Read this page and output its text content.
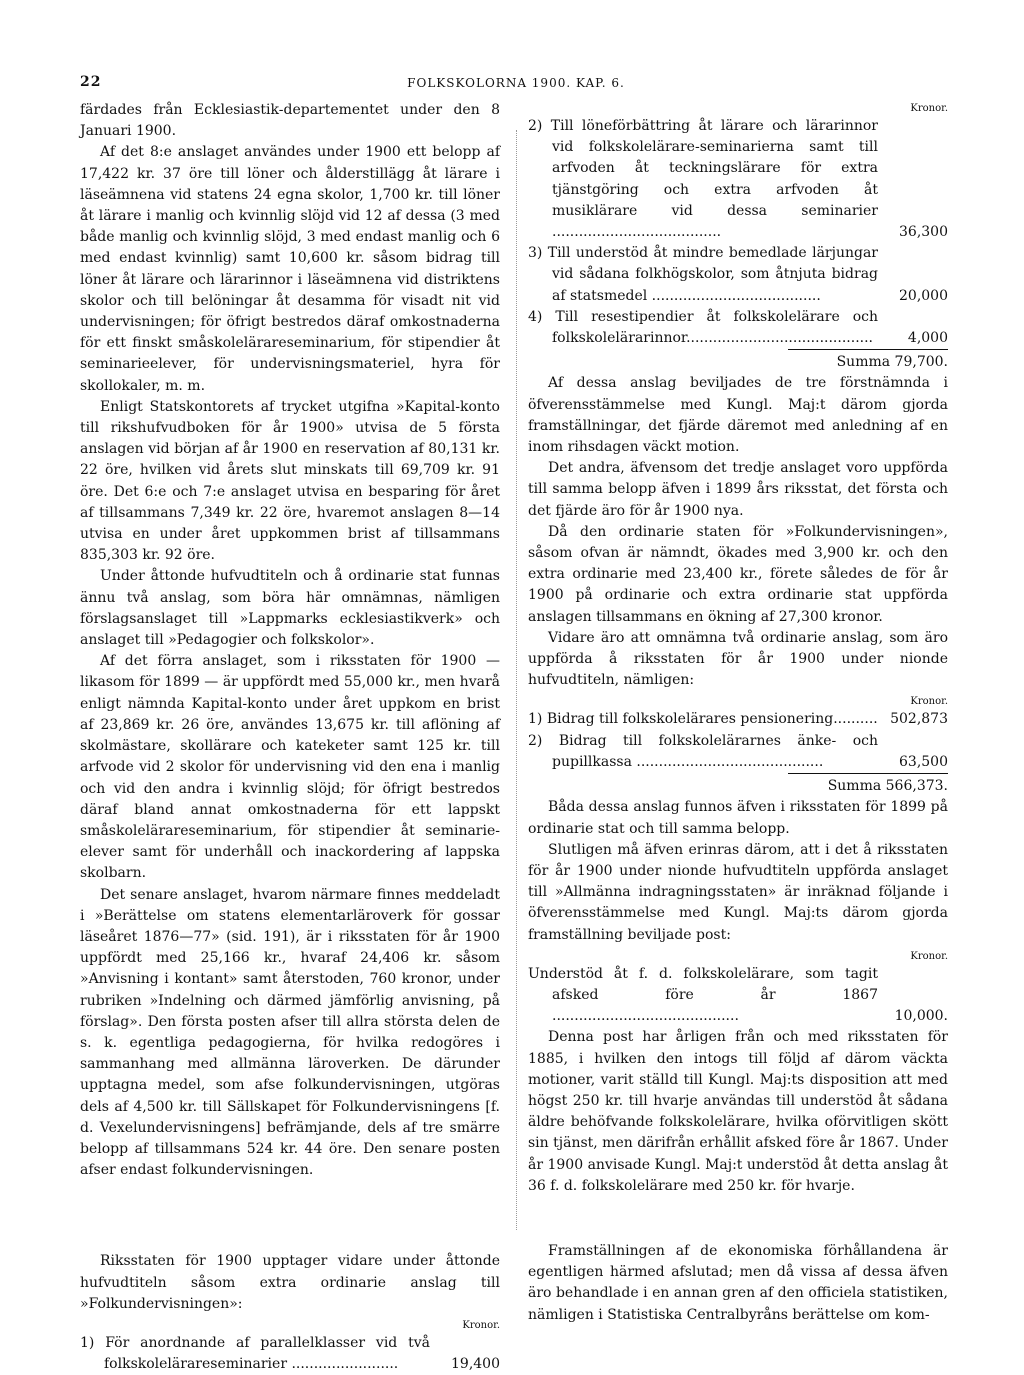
22	FOLKSKOLORNA 1900. KAP. 6.

färdades från Ecklesiastik-departementet under den 8 Januari 1900.

Af det 8:e anslaget användes under 1900 ett belopp af 17,422 kr. 37 öre till löner och ålderstillägg åt lärare i läseämnena vid statens 24 egna skolor, 1,700 kr. till löner åt lärare i manlig och kvinnlig slöjd vid 12 af dessa (3 med både manlig och kvinnlig slöjd, 3 med endast manlig och 6 med endast kvinnlig) samt 10,600 kr. såsom bidrag till löner åt lärare och lärarinnor i läseämnena vid distriktens skolor och till belöningar åt desamma för visadt nit vid undervisningen; för öfrigt bestredos däraf omkostnaderna för ett finskt småskolelärareseminarium, för stipendier åt seminarieelever, för undervisningsmateriel, hyra för skollokaler, m. m.

Enligt Statskontorets af trycket utgifna »Kapital-konto till rikshufvudboken för år 1900» utvisa de 5 första anslagen vid början af år 1900 en reservation af 80,131 kr. 22 öre, hvilken vid årets slut minskats till 69,709 kr. 91 öre. Det 6:e och 7:e anslaget utvisa en besparing för året af tillsammans 7,349 kr. 22 öre, hvaremot anslagen 8—14 utvisa en under året uppkommen brist af tillsammans 835,303 kr. 92 öre.

Under åttonde hufvudtiteln och å ordinarie stat funnas ännu två anslag, som böra här omnämnas, nämligen förslagsanslaget till »Lappmarks ecklesiastikverk» och anslaget till »Pedagogier och folkskolor».

Af det förra anslaget, som i riksstaten för 1900 — likasom för 1899 — är uppfördt med 55,000 kr., men hvarå enligt nämnda Kapital-konto under året uppkom en brist af 23,869 kr. 26 öre, användes 13,675 kr. till aflöning af skolmästare, skollärare och kateketer samt 125 kr. till arfvode vid 2 skolor för undervisning vid den ena i manlig och vid den andra i kvinnlig slöjd; för öfrigt bestredos däraf bland annat omkostnaderna för ett lappskt småskolelärareseminarium, för stipendier åt seminarie-elever samt för underhåll och inackordering af lappska skolbarn.

Det senare anslaget, hvarom närmare finnes meddeladt i »Berättelse om statens elementarläroverk för gossar läseåret 1876—77» (sid. 191), är i riksstaten för år 1900 uppfördt med 25,166 kr., hvaraf 24,406 kr. såsom »Anvisning i kontant» samt återstoden, 760 kronor, under rubriken »Indelning och därmed jämförlig anvisning, på förslag». Den första posten afser till allra största delen de s. k. egentliga pedagogierna, för hvilka redogöres i sammanhang med allmänna läroverken. De därunder upptagna medel, som afse folkundervisningen, utgöras dels af 4,500 kr. till Sällskapet för Folkundervisningens [f. d. Vexelundervisningens] befrämjande, dels af tre smärre belopp af tillsammans 524 kr. 44 öre. Den senare posten afser endast folkundervisningen.

Riksstaten för 1900 upptager vidare under åttonde hufvudtiteln såsom extra ordinarie anslag till »Folkundervisningen»:

Kronor.
1) För anordnande af parallelklasser vid två folkskolelärareseminarier ........................	19,400
Kronor.
2) Till löneförbättring åt lärare och lärarinnor vid folkskolelärare-seminarierna samt till arfvoden åt teckningslärare för extra tjänstgöring och extra arfvoden åt musiklärare vid dessa seminarier ......................................	36,300
3) Till understöd åt mindre bemedlade lärjungar vid sådana folkhögskolor, som åtnjuta bidrag af statsmedel ......................................	20,000
4) Till resestipendier åt folkskolelärare och folkskolelärarinnor..........................................	4,000
Summa 79,700.

Af dessa anslag beviljades de tre förstnämnda i öfverensstämmelse med Kungl. Maj:t därom gjorda framställningar, det fjärde däremot med anledning af en inom rihsdagen väckt motion.

Det andra, äfvensom det tredje anslaget voro uppförda till samma belopp äfven i 1899 års riksstat, det första och det fjärde äro för år 1900 nya.

Då den ordinarie staten för »Folkundervisningen», såsom ofvan är nämndt, ökades med 3,900 kr. och den extra ordinarie med 23,400 kr., förete således de för år 1900 på ordinarie och extra ordinarie stat uppförda anslagen tillsammans en ökning af 27,300 kronor.

Vidare äro att omnämna två ordinarie anslag, som äro uppförda å riksstaten för år 1900 under nionde hufvudtiteln, nämligen:

Kronor.
1) Bidrag till folkskolelärares pensionering.......... 502,873
2) Bidrag till folkskolelärarnes änke- och pupillkassa ..........................................	63,500
Summa 566,373.

Båda dessa anslag funnos äfven i riksstaten för 1899 på ordinarie stat och till samma belopp.

Slutligen må äfven erinras därom, att i det å riksstaten för år 1900 under nionde hufvudtiteln uppförda anslaget till »Allmänna indragningsstaten» är inräknad följande i öfverensstämmelse med Kungl. Maj:ts därom gjorda framställning beviljade post:

Kronor.
Understöd åt f. d. folkskolelärare, som tagit afsked före år 1867 ..........................................	10,000.

Denna post har årligen från och med riksstaten för 1885, i hvilken den intogs till följd af därom väckta motioner, varit ställd till Kungl. Maj:ts disposition att med högst 250 kr. till hvarje användas till understöd åt sådana äldre behöfvande folkskolelärare, hvilka oförvitligen skött sin tjänst, men därifrån erhållit afsked före år 1867. Under år 1900 anvisade Kungl. Maj:t understöd åt detta anslag åt 36 f. d. folkskolelärare med 250 kr. för hvarje.

Framställningen af de ekonomiska förhållandena är egentligen härmed afslutad; men då vissa af dessa äfven äro behandlade i en annan gren af den officiela statistiken, nämligen i Statistiska Centralbyråns berättelse om kom-
